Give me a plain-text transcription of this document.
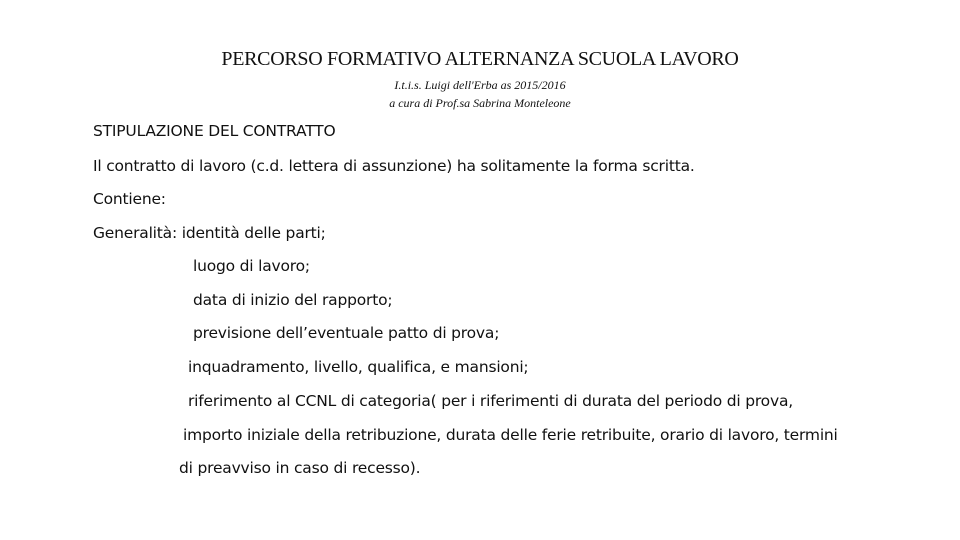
PERCORSO FORMATIVO ALTERNANZA SCUOLA LAVORO
I.t.i.s. Luigi dell'Erba as 2015/2016
a cura di Prof.sa Sabrina Monteleone
STIPULAZIONE DEL CONTRATTO
Il contratto di lavoro (c.d. lettera di assunzione) ha solitamente la forma scritta.
Contiene:
Generalità: identità delle parti;
luogo di lavoro;
data di inizio del rapporto;
previsione dell’eventuale patto di prova;
inquadramento, livello, qualifica, e mansioni;
riferimento al CCNL di categoria( per i riferimenti di durata del periodo di prova,
importo iniziale della retribuzione, durata delle ferie retribuite, orario di lavoro, termini
di preavviso in caso di recesso).
